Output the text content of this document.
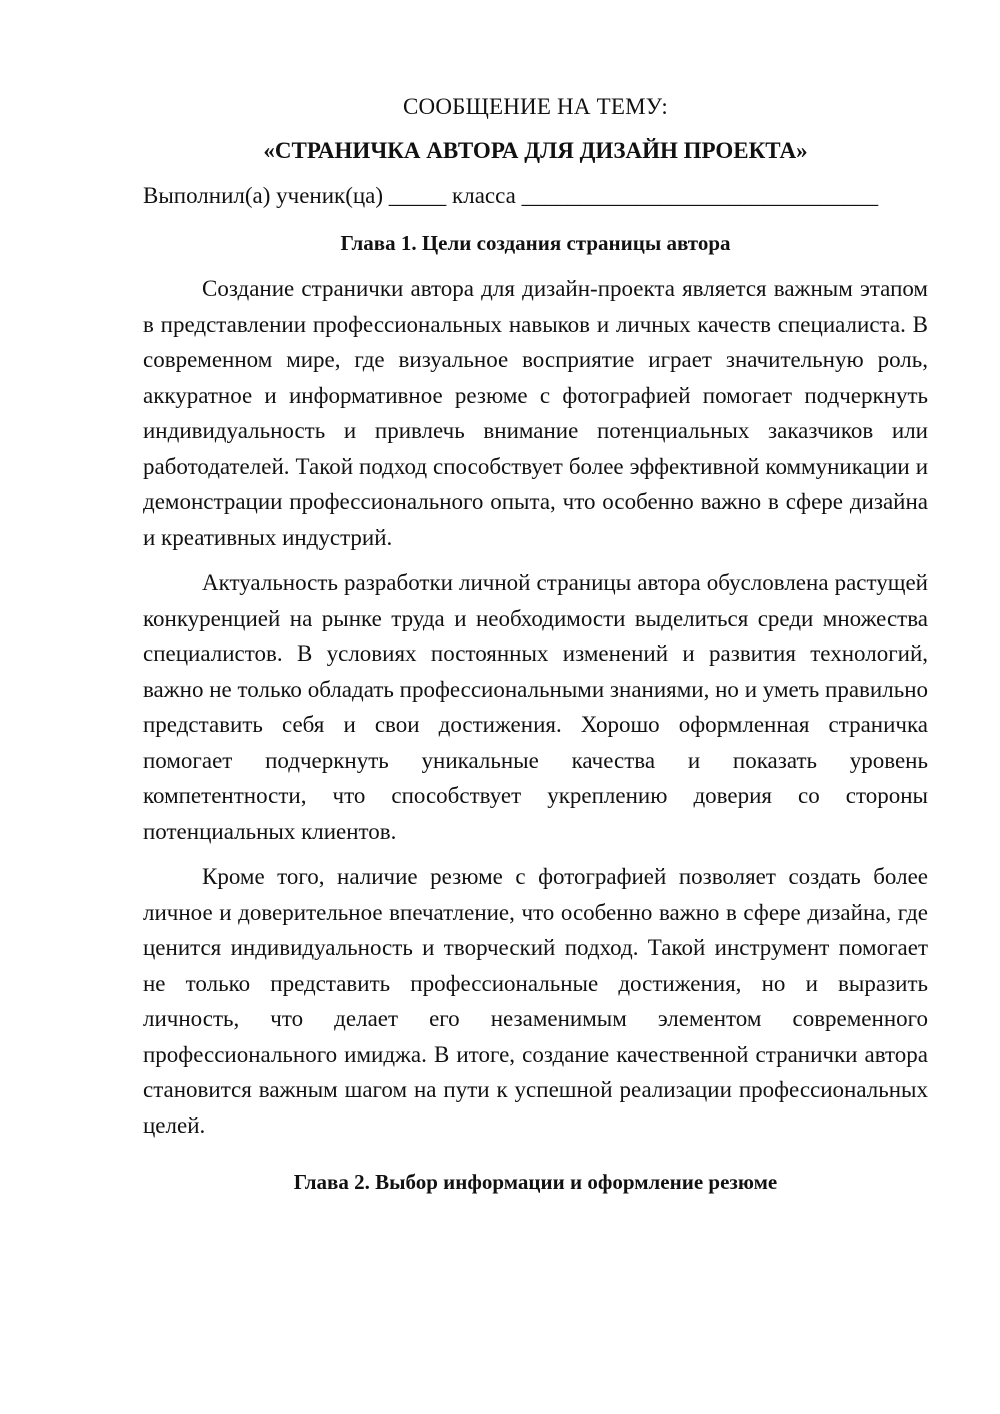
СООБЩЕНИЕ НА ТЕМУ:
«СТРАНИЧКА АВТОРА ДЛЯ ДИЗАЙН ПРОЕКТА»

Выполнил(а) ученик(ца) _____ класса _______________________________

Глава 1. Цели создания страницы автора

Создание странички автора для дизайн-проекта является важным этапом в представлении профессиональных навыков и личных качеств специалиста. В современном мире, где визуальное восприятие играет значительную роль, аккуратное и информативное резюме с фотографией помогает подчеркнуть индивидуальность и привлечь внимание потенциальных заказчиков или работодателей. Такой подход способствует более эффективной коммуникации и демонстрации профессионального опыта, что особенно важно в сфере дизайна и креативных индустрий.

Актуальность разработки личной страницы автора обусловлена растущей конкуренцией на рынке труда и необходимости выделиться среди множества специалистов. В условиях постоянных изменений и развития технологий, важно не только обладать профессиональными знаниями, но и уметь правильно представить себя и свои достижения. Хорошо оформленная страничка помогает подчеркнуть уникальные качества и показать уровень компетентности, что способствует укреплению доверия со стороны потенциальных клиентов.

Кроме того, наличие резюме с фотографией позволяет создать более личное и доверительное впечатление, что особенно важно в сфере дизайна, где ценится индивидуальность и творческий подход. Такой инструмент помогает не только представить профессиональные достижения, но и выразить личность, что делает его незаменимым элементом современного профессионального имиджа. В итоге, создание качественной странички автора становится важным шагом на пути к успешной реализации профессиональных целей.

Глава 2. Выбор информации и оформление резюме
